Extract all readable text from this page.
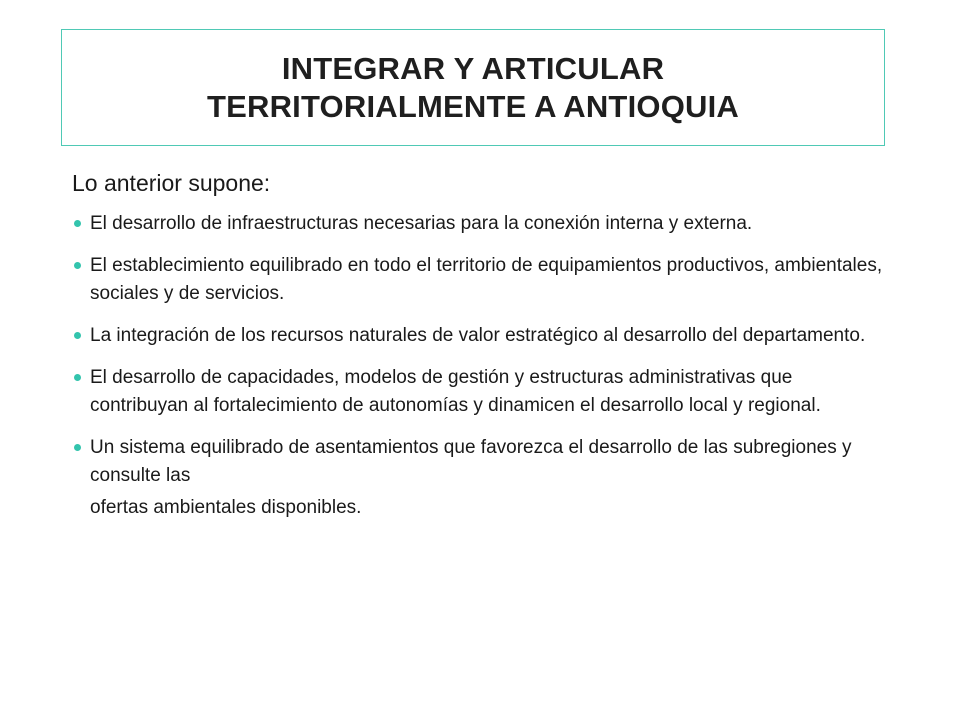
INTEGRAR Y ARTICULAR
TERRITORIALMENTE A ANTIOQUIA

Lo anterior supone:

El desarrollo de infraestructuras necesarias para la conexión interna y externa.
El establecimiento equilibrado en todo el territorio de equipamientos productivos, ambientales, sociales y de servicios.
La integración de los recursos naturales de valor estratégico al desarrollo del departamento.
El desarrollo de capacidades, modelos de gestión y estructuras administrativas que contribuyan al fortalecimiento de autonomías y dinamicen el desarrollo local y regional.
Un sistema equilibrado de asentamientos que favorezca el desarrollo de las subregiones y consulte las
ofertas ambientales disponibles.
